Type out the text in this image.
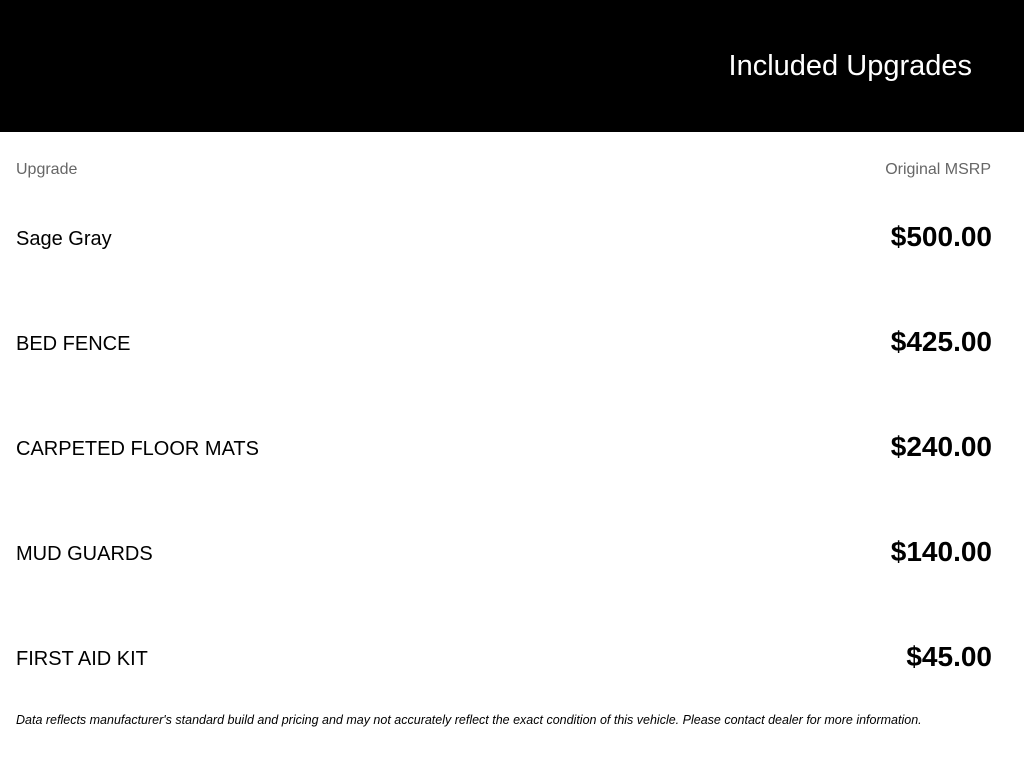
Included Upgrades
Upgrade	Original MSRP
Sage Gray	$500.00
BED FENCE	$425.00
CARPETED FLOOR MATS	$240.00
MUD GUARDS	$140.00
FIRST AID KIT	$45.00
Data reflects manufacturer's standard build and pricing and may not accurately reflect the exact condition of this vehicle. Please contact dealer for more information.
